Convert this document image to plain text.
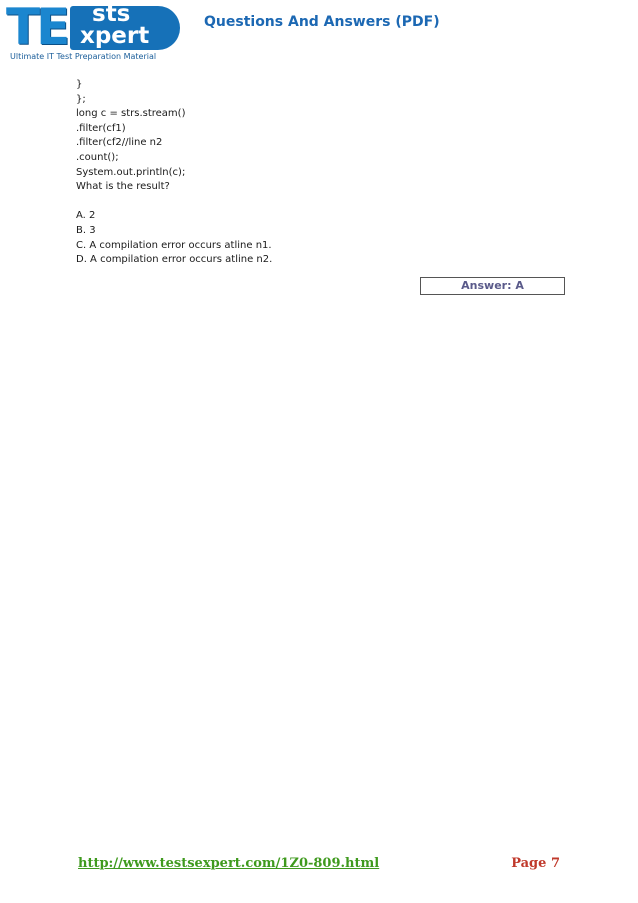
TE sts
xpert
Ultimate IT Test Preparation Material
Questions And Answers (PDF)
}
};
long c = strs.stream()
.filter(cf1)
.filter(cf2//line n2
.count();
System.out.println(c);
What is the result?
A. 2
B. 3
C. A compilation error occurs atline n1.
D. A compilation error occurs atline n2.
Answer: A
http://www.testsexpert.com/1Z0-809.html	Page 7
